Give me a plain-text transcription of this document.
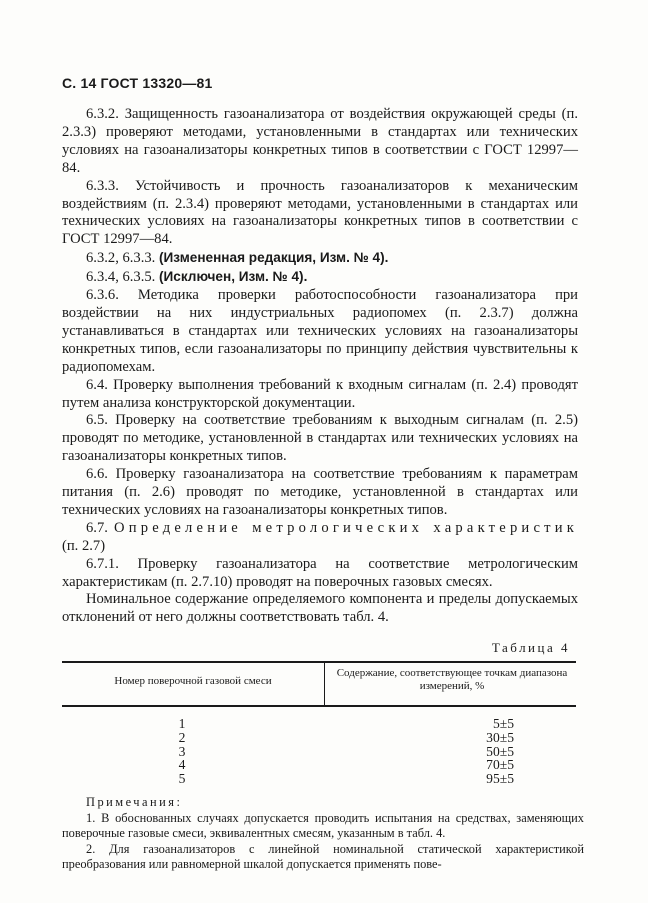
С. 14 ГОСТ 13320—81

6.3.2. Защищенность газоанализатора от воздействия окружающей среды (п. 2.3.3) проверяют методами, установленными в стандартах или технических условиях на газоанализаторы конкретных типов в соответствии с ГОСТ 12997—84.

6.3.3. Устойчивость и прочность газоанализаторов к механическим воздействиям (п. 2.3.4) проверяют методами, установленными в стандартах или технических условиях на газоанализаторы конкретных типов в соответствии с ГОСТ 12997—84.

6.3.2, 6.3.3. (Измененная редакция, Изм. № 4).

6.3.4, 6.3.5. (Исключен, Изм. № 4).

6.3.6. Методика проверки работоспособности газоанализатора при воздействии на них индустриальных радиопомех (п. 2.3.7) должна устанавливаться в стандартах или технических условиях на газоанализаторы конкретных типов, если газоанализаторы по принципу действия чувствительны к радиопомехам.

6.4. Проверку выполнения требований к входным сигналам (п. 2.4) проводят путем анализа конструкторской документации.

6.5. Проверку на соответствие требованиям к выходным сигналам (п. 2.5) проводят по методике, установленной в стандартах или технических условиях на газоанализаторы конкретных типов.

6.6. Проверку газоанализатора на соответствие требованиям к параметрам питания (п. 2.6) проводят по методике, установленной в стандартах или технических условиях на газоанализаторы конкретных типов.

6.7. Определение метрологических характеристик (п. 2.7)

6.7.1. Проверку газоанализатора на соответствие метрологическим характеристикам (п. 2.7.10) проводят на поверочных газовых смесях.

Номинальное содержание определяемого компонента и пределы допускаемых отклонений от него должны соответствовать табл. 4.

Таблица 4
Номер поверочной газовой смеси
Содержание, соответствующее точкам диапазона измерений, %
1
2
3
4
5
5±5
30±5
50±5
70±5
95±5

Примечания:

1. В обоснованных случаях допускается проводить испытания на средствах, заменяющих поверочные газовые смеси, эквивалентных смесям, указанным в табл. 4.

2. Для газоанализаторов с линейной номинальной статической характеристикой преобразования или равномерной шкалой допускается применять пове-
